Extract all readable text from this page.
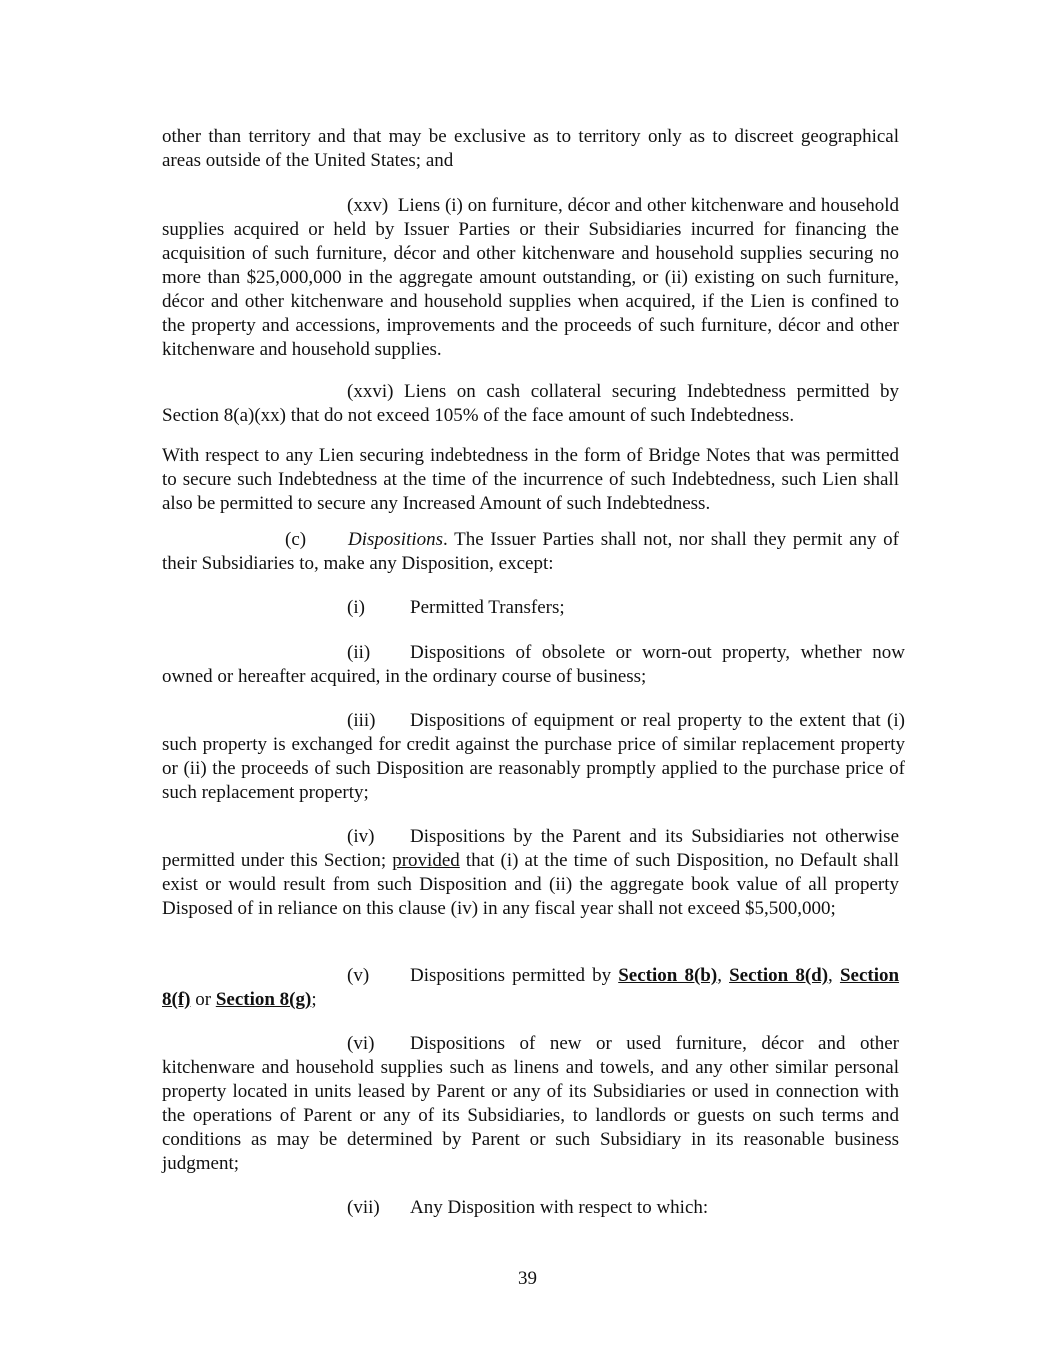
other than territory and that may be exclusive as to territory only as to discreet geographical areas outside of the United States; and

(xxv) Liens (i) on furniture, décor and other kitchenware and household supplies acquired or held by Issuer Parties or their Subsidiaries incurred for financing the acquisition of such furniture, décor and other kitchenware and household supplies securing no more than $25,000,000 in the aggregate amount outstanding, or (ii) existing on such furniture, décor and other kitchenware and household supplies when acquired, if the Lien is confined to the property and accessions, improvements and the proceeds of such furniture, décor and other kitchenware and household supplies.

(xxvi) Liens on cash collateral securing Indebtedness permitted by Section 8(a)(xx) that do not exceed 105% of the face amount of such Indebtedness.

With respect to any Lien securing indebtedness in the form of Bridge Notes that was permitted to secure such Indebtedness at the time of the incurrence of such Indebtedness, such Lien shall also be permitted to secure any Increased Amount of such Indebtedness.

(c) Dispositions. The Issuer Parties shall not, nor shall they permit any of their Subsidiaries to, make any Disposition, except:

(i) Permitted Transfers;

(ii) Dispositions of obsolete or worn-out property, whether now owned or hereafter acquired, in the ordinary course of business;

(iii) Dispositions of equipment or real property to the extent that (i) such property is exchanged for credit against the purchase price of similar replacement property or (ii) the proceeds of such Disposition are reasonably promptly applied to the purchase price of such replacement property;

(iv) Dispositions by the Parent and its Subsidiaries not otherwise permitted under this Section; provided that (i) at the time of such Disposition, no Default shall exist or would result from such Disposition and (ii) the aggregate book value of all property Disposed of in reliance on this clause (iv) in any fiscal year shall not exceed $5,500,000;

(v) Dispositions permitted by Section 8(b), Section 8(d), Section 8(f) or Section 8(g);

(vi) Dispositions of new or used furniture, décor and other kitchenware and household supplies such as linens and towels, and any other similar personal property located in units leased by Parent or any of its Subsidiaries or used in connection with the operations of Parent or any of its Subsidiaries, to landlords or guests on such terms and conditions as may be determined by Parent or such Subsidiary in its reasonable business judgment;

(vii) Any Disposition with respect to which:

39
